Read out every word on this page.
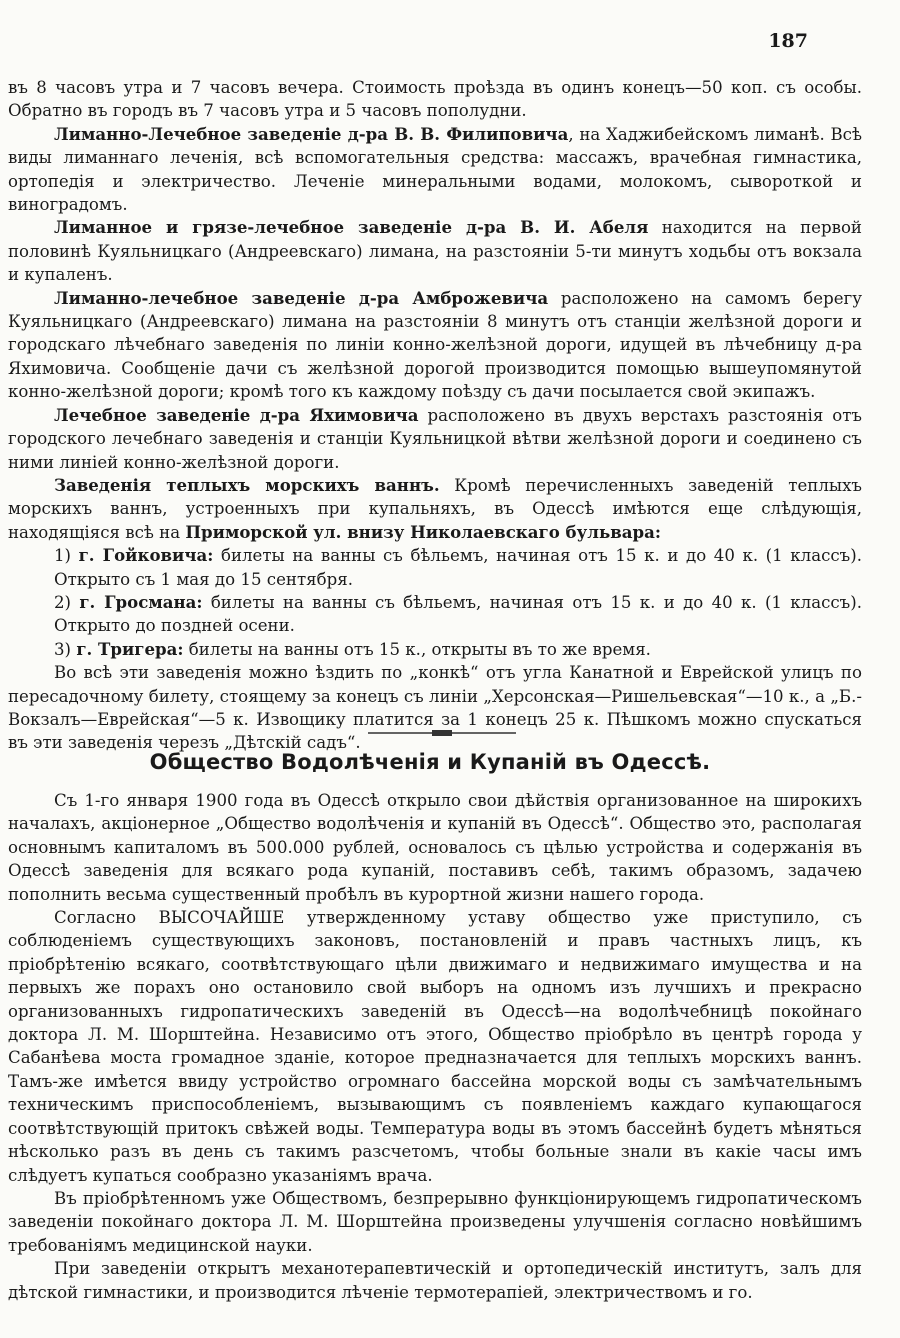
187

въ 8 часовъ утра и 7 часовъ вечера. Стоимость проѣзда въ одинъ конецъ—50 коп. съ особы. Обратно въ городъ въ 7 часовъ утра и 5 часовъ пополудни.

Лиманно-Лечебное заведеніе д-ра В. В. Филиповича, на Хаджибейскомъ лиманѣ. Всѣ виды лиманнаго леченія, всѣ вспомогательныя средства: массажъ, врачебная гимнастика, ортопедія и электричество. Леченіе минеральными водами, молокомъ, сывороткой и виноградомъ.

Лиманное и грязе-лечебное заведеніе д-ра В. И. Абеля находится на первой половинѣ Куяльницкаго (Андреевскаго) лимана, на разстояніи 5-ти минутъ ходьбы отъ вокзала и купаленъ.

Лиманно-лечебное заведеніе д-ра Амброжевича расположено на самомъ берегу Куяльницкаго (Андреевскаго) лимана на разстояніи 8 минутъ отъ станціи желѣзной дороги и городскаго лѣчебнаго заведенія по линіи конно-желѣзной дороги, идущей въ лѣчебницу д-ра Яхимовича. Сообщеніе дачи съ желѣзной дорогой производится помощью вышеупомянутой конно-желѣзной дороги; кромѣ того къ каждому поѣзду съ дачи посылается свой экипажъ.

Лечебное заведеніе д-ра Яхимовича расположено въ двухъ верстахъ разстоянія отъ городского лечебнаго заведенія и станціи Куяльницкой вѣтви желѣзной дороги и соединено съ ними линіей конно-желѣзной дороги.

Заведенія теплыхъ морскихъ ваннъ. Кромѣ перечисленныхъ заведеній теплыхъ морскихъ ваннъ, устроенныхъ при купальняхъ, въ Одессѣ имѣются еще слѣдующія, находящіяся всѣ на Приморской ул. внизу Николаевскаго бульвара:

1) г. Гойковича: билеты на ванны съ бѣльемъ, начиная отъ 15 к. и до 40 к. (1 классъ). Открыто съ 1 мая до 15 сентября.

2) г. Гросмана: билеты на ванны съ бѣльемъ, начиная отъ 15 к. и до 40 к. (1 классъ). Открыто до поздней осени.

3) г. Тригера: билеты на ванны отъ 15 к., открыты въ то же время.

Во всѣ эти заведенія можно ѣздить по „конкѣ“ отъ угла Канатной и Еврейской улицъ по пересадочному билету, стоящему за конецъ съ линіи „Херсонская—Ришельевская“—10 к., а „Б.-Вокзалъ—Еврейская“—5 к. Извощику платится за 1 конецъ 25 к. Пѣшкомъ можно спускаться въ эти заведенія черезъ „Дѣтскій садъ“.

Общество Водолѣченія и Купаній въ Одессѣ.

Съ 1-го января 1900 года въ Одессѣ открыло свои дѣйствія организованное на широкихъ началахъ, акціонерное „Общество водолѣченія и купаній въ Одессѣ“. Общество это, располагая основнымъ капиталомъ въ 500.000 рублей, основалось съ цѣлью устройства и содержанія въ Одессѣ заведенія для всякаго рода купаній, поставивъ себѣ, такимъ образомъ, задачею пополнить весьма существенный пробѣлъ въ курортной жизни нашего города.

Согласно ВЫСОЧАЙШЕ утвержденному уставу общество уже приступило, съ соблюденіемъ существующихъ законовъ, постановленій и правъ частныхъ лицъ, къ пріобрѣтенію всякаго, соотвѣтствующаго цѣли движимаго и недвижимаго имущества и на первыхъ же порахъ оно остановило свой выборъ на одномъ изъ лучшихъ и прекрасно организованныхъ гидропатическихъ заведеній въ Одессѣ—на водолѣчебницѣ покойнаго доктора Л. М. Шорштейна. Независимо отъ этого, Общество пріобрѣло въ центрѣ города у Сабанѣева моста громадное зданіе, которое предназначается для теплыхъ морскихъ ваннъ. Тамъ-же имѣется ввиду устройство огромнаго бассейна морской воды съ замѣчательнымъ техническимъ приспособленіемъ, вызывающимъ съ появленіемъ каждаго купающагося соотвѣтствующій притокъ свѣжей воды. Температура воды въ этомъ бассейнѣ будетъ мѣняться нѣсколько разъ въ день съ такимъ разсчетомъ, чтобы больные знали въ какіе часы имъ слѣдуетъ купаться сообразно указаніямъ врача.

Въ пріобрѣтенномъ уже Обществомъ, безпрерывно функціонирующемъ гидропатическомъ заведеніи покойнаго доктора Л. М. Шорштейна произведены улучшенія согласно новѣйшимъ требованіямъ медицинской науки.

При заведеніи открытъ механотерапевтическій и ортопедическій институтъ, залъ для дѣтской гимнастики, и производится лѣченіе термотерапіей, электричествомъ и го.
